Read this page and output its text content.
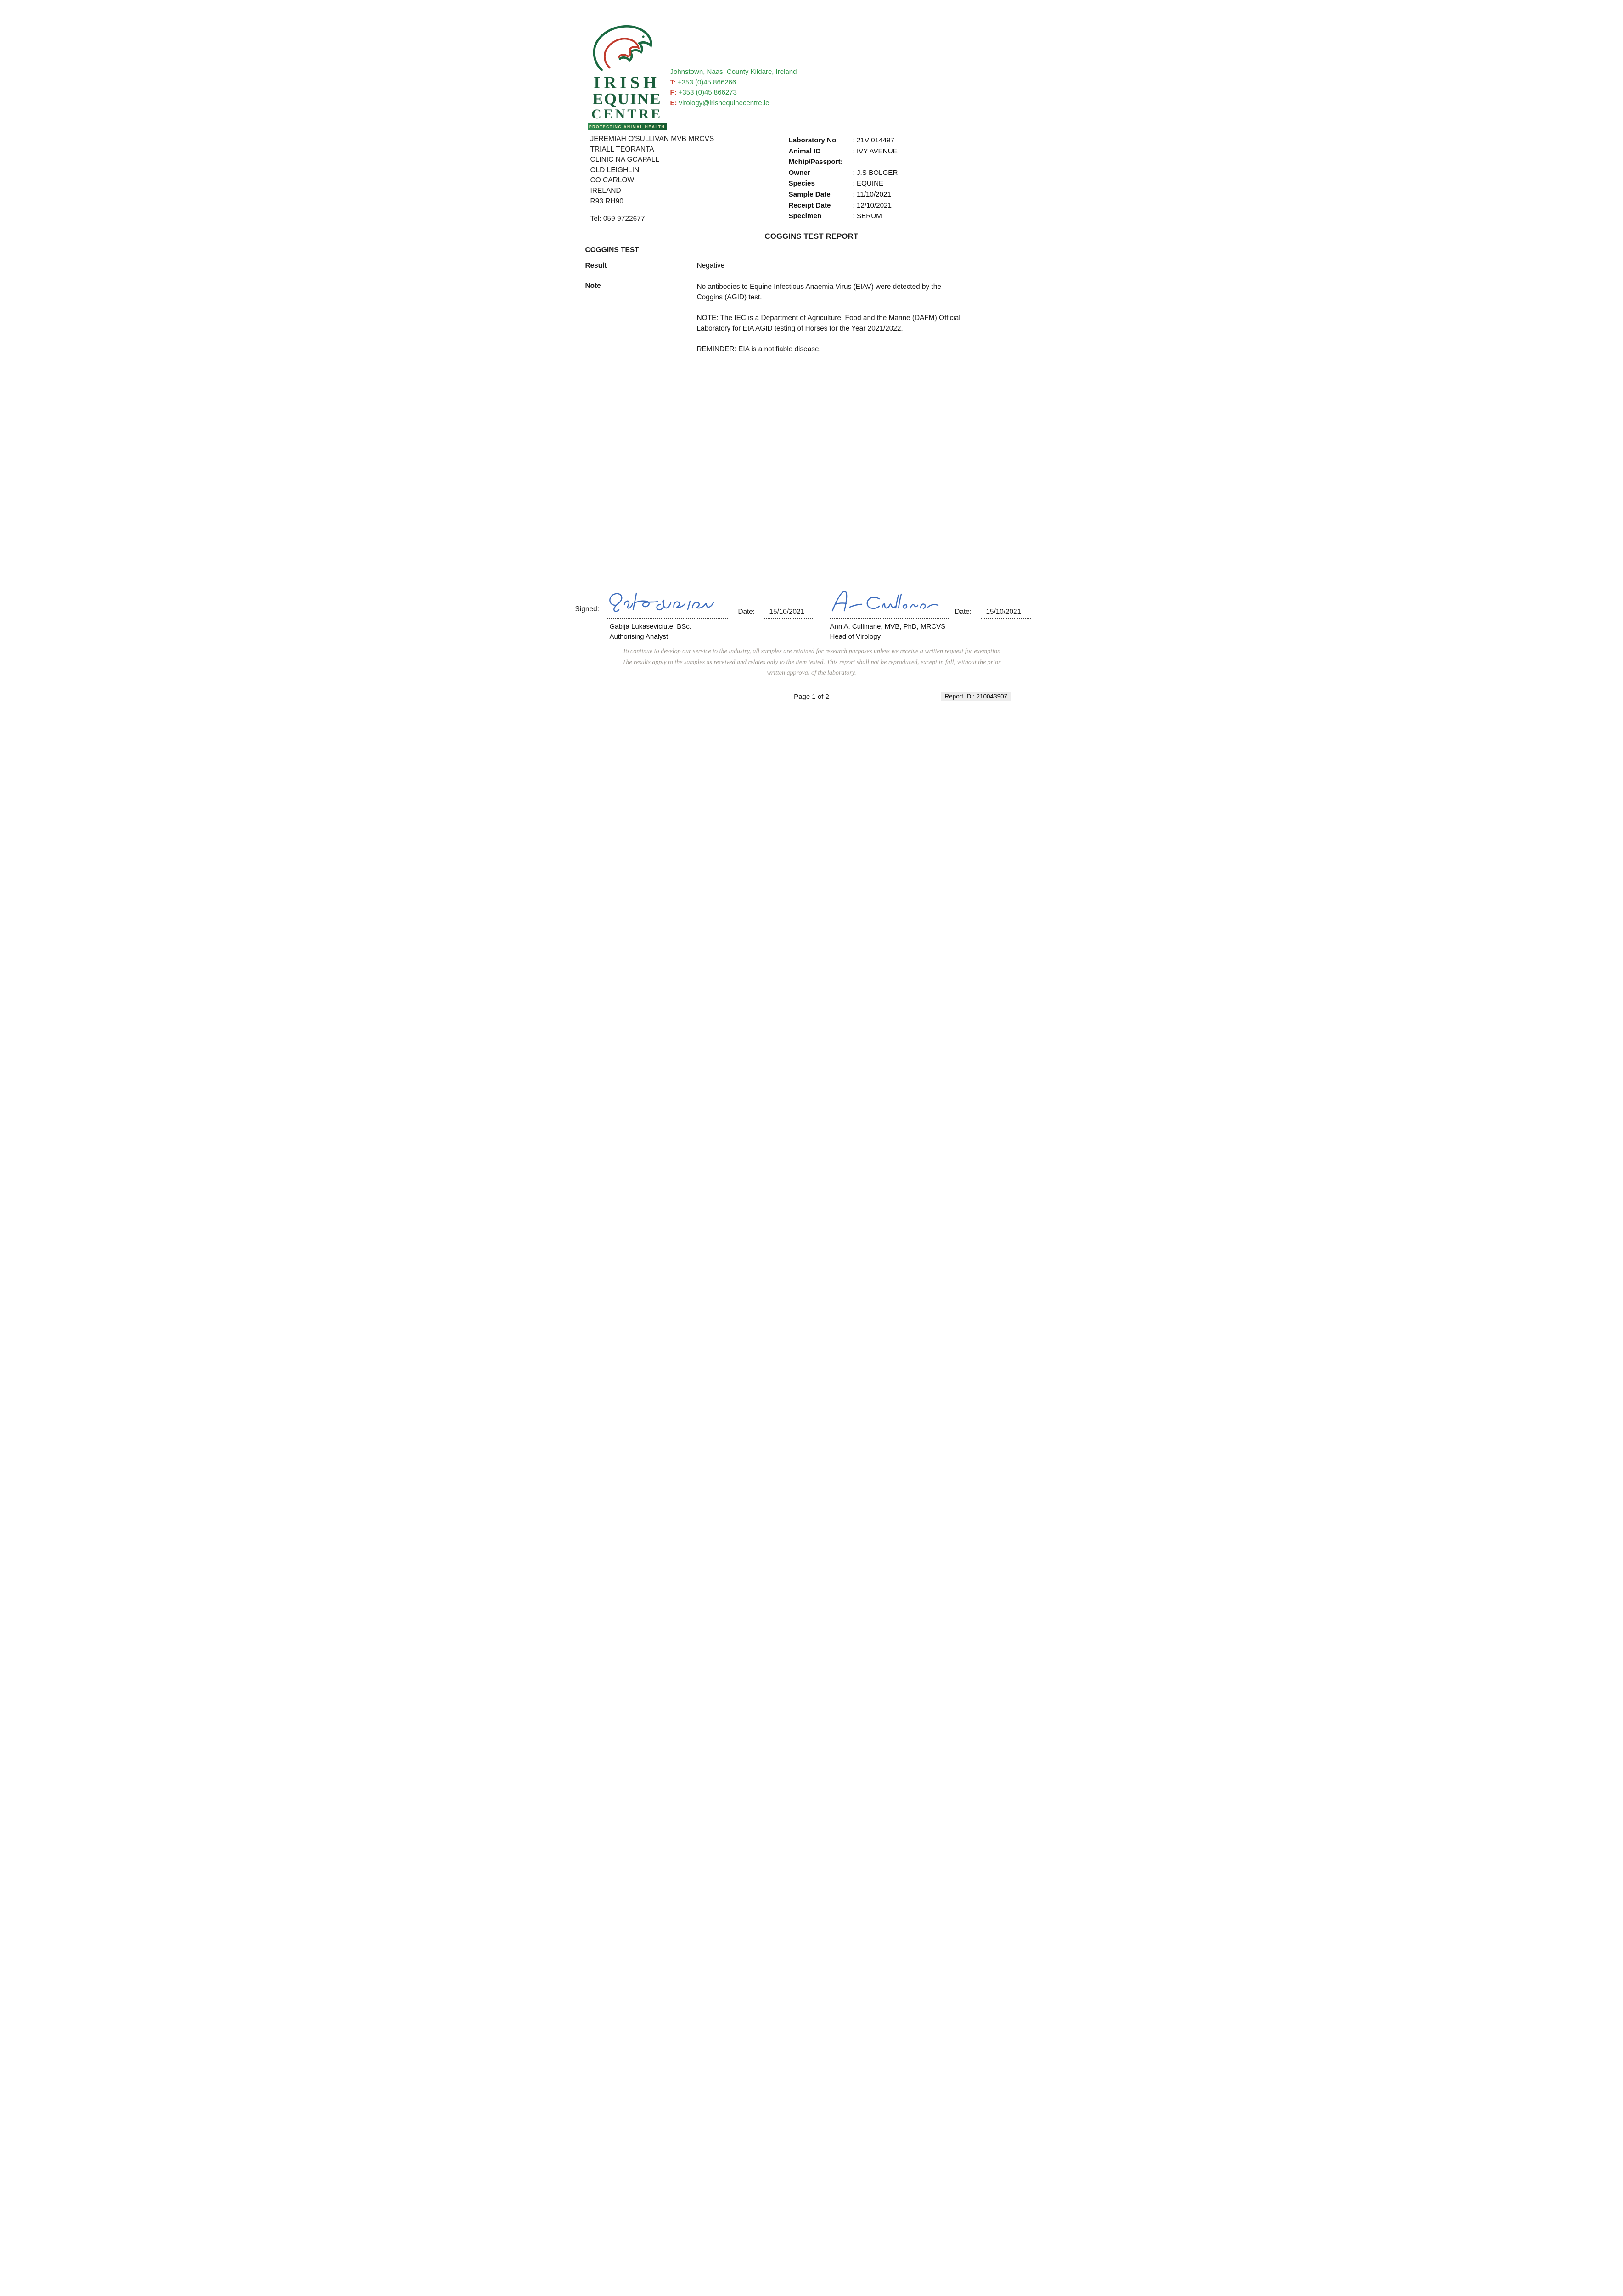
IRISH
EQUINE
CENTRE
PROTECTING ANIMAL HEALTH
Johnstown, Naas, County Kildare, Ireland
T: +353 (0)45 866266
F: +353 (0)45 866273
E: virology@irishequinecentre.ie
JEREMIAH O'SULLIVAN MVB MRCVS
TRIALL TEORANTA
CLINIC NA GCAPALL
OLD LEIGHLIN
CO CARLOW
IRELAND
R93 RH90
Tel: 059 9722677
Laboratory No	: 21VI014497
Animal ID	: IVY AVENUE
Mchip/Passport:
Owner	: J.S BOLGER
Species	: EQUINE
Sample Date	: 11/10/2021
Receipt Date	: 12/10/2021
Specimen	: SERUM
COGGINS TEST REPORT
COGGINS TEST
Result	Negative
Note	No antibodies to Equine Infectious Anaemia Virus (EIAV) were detected by the Coggins (AGID) test.

NOTE: The IEC is a Department of Agriculture, Food and the Marine (DAFM) Official Laboratory for EIA AGID testing of Horses for the Year 2021/2022.

REMINDER: EIA is a notifiable disease.

Signed:	Date: 15/10/2021	Date: 15/10/2021
Gabija Lukaseviciute, BSc.
Authorising Analyst
Ann A. Cullinane, MVB, PhD, MRCVS
Head of Virology
To continue to develop our service to the industry, all samples are retained for research purposes unless we receive a written request for exemption
The results apply to the samples as received and relates only to the item tested. This report shall not be reproduced, except in full, without the prior
written approval of the laboratory.
Page 1 of 2	Report ID : 210043907
